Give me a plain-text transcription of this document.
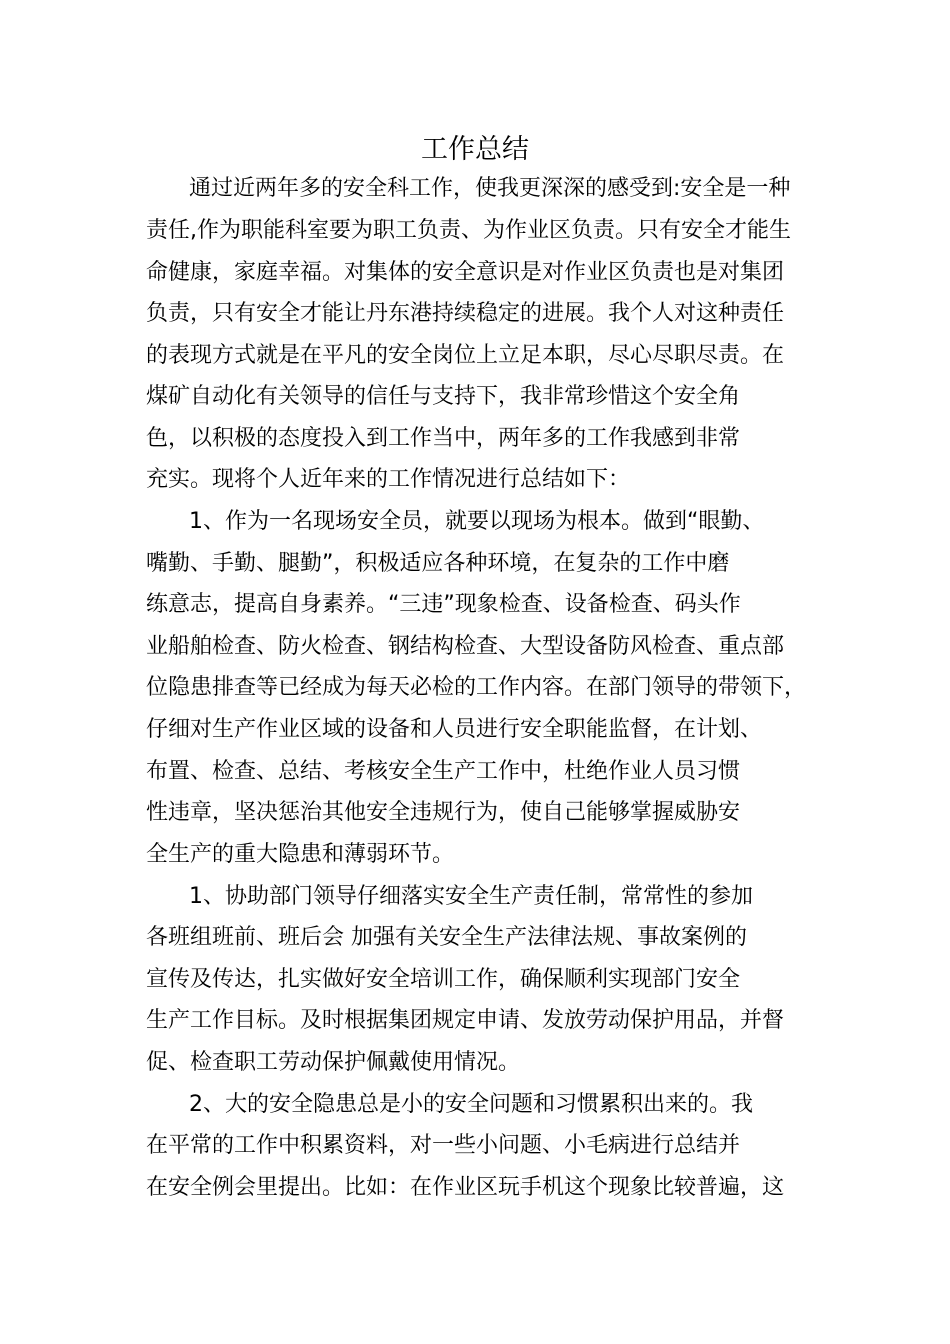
工作总结
通过近两年多的安全科工作，使我更深深的感受到:安全是一种
责任,作为职能科室要为职工负责、为作业区负责。只有安全才能生
命健康，家庭幸福。对集体的安全意识是对作业区负责也是对集团
负责，只有安全才能让丹东港持续稳定的进展。我个人对这种责任
的表现方式就是在平凡的安全岗位上立足本职，尽心尽职尽责。在
煤矿自动化有关领导的信任与支持下，我非常珍惜这个安全角
色，以积极的态度投入到工作当中，两年多的工作我感到非常
充实。现将个人近年来的工作情况进行总结如下：
1、作为一名现场安全员，就要以现场为根本。做到“眼勤、
嘴勤、手勤、腿勤”，积极适应各种环境，在复杂的工作中磨
练意志，提高自身素养。“三违”现象检查、设备检查、码头作
业船舶检查、防火检查、钢结构检查、大型设备防风检查、重点部
位隐患排查等已经成为每天必检的工作内容。在部门领导的带领下，
仔细对生产作业区域的设备和人员进行安全职能监督，在计划、
布置、检查、总结、考核安全生产工作中，杜绝作业人员习惯
性违章，坚决惩治其他安全违规行为，使自己能够掌握威胁安
全生产的重大隐患和薄弱环节。
1、协助部门领导仔细落实安全生产责任制，常常性的参加
各班组班前、班后会 加强有关安全生产法律法规、事故案例的
宣传及传达，扎实做好安全培训工作，确保顺利实现部门安全
生产工作目标。及时根据集团规定申请、发放劳动保护用品，并督
促、检查职工劳动保护佩戴使用情况。
2、大的安全隐患总是小的安全问题和习惯累积出来的。我
在平常的工作中积累资料，对一些小问题、小毛病进行总结并
在安全例会里提出。比如：在作业区玩手机这个现象比较普遍，这
